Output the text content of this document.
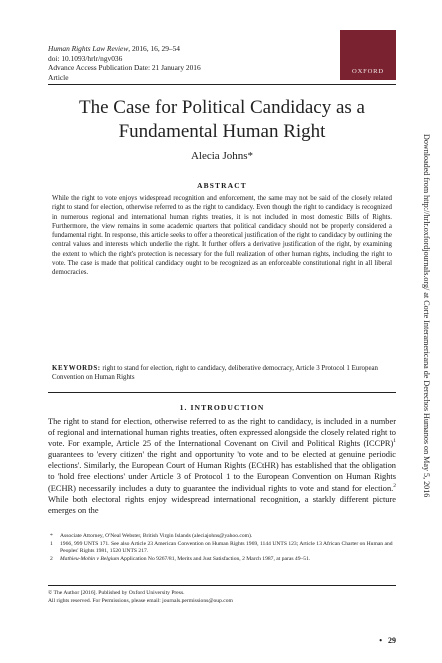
Human Rights Law Review, 2016, 16, 29–54
doi: 10.1093/hrlr/ngv036
Advance Access Publication Date: 21 January 2016
Article
OXFORD
The Case for Political Candidacy as a
Fundamental Human Right
Alecia Johns*
ABSTRACT
While the right to vote enjoys widespread recognition and enforcement, the same may not be said of the closely related right to stand for election, otherwise referred to as the right to candidacy. Even though the right to candidacy is recognized in numerous regional and international human rights treaties, it is not included in most domestic Bills of Rights. Furthermore, the view remains in some academic quarters that political candidacy should not be properly considered a fundamental right. In response, this article seeks to offer a theoretical justification of the right to candidacy by outlining the central values and interests which underlie the right. It further offers a derivative justification of the right, by examining the extent to which the right's protection is necessary for the full realization of other human rights, including the right to vote. The case is made that political candidacy ought to be recognized as an enforceable constitutional right in all liberal democracies.
KEYWORDS: right to stand for election, right to candidacy, deliberative democracy, Article 3 Protocol 1 European Convention on Human Rights
1. INTRODUCTION
The right to stand for election, otherwise referred to as the right to candidacy, is included in a number of regional and international human rights treaties, often expressed alongside the closely related right to vote. For example, Article 25 of the International Covenant on Civil and Political Rights (ICCPR)$^1$ guarantees to 'every citizen' the right and opportunity 'to vote and to be elected at genuine periodic elections'. Similarly, the European Court of Human Rights (ECtHR) has established that the obligation to 'hold free elections' under Article 3 of Protocol 1 to the European Convention on Human Rights (ECHR) necessarily includes a duty to guarantee the individual rights to vote and stand for election.$^2$ While both electoral rights enjoy widespread international recognition, a starkly different picture emerges on the
* Associate Attorney, O'Neal Webster, British Virgin Islands (aleciajohns@yahoo.com).
1 1966, 999 UNTS 171. See also Article 23 American Convention on Human Rights 1969, 1144 UNTS 123; Article 13 African Charter on Human and Peoples' Rights 1981, 1520 UNTS 217.
2 Mathieu-Mohin v Belgium Application No 9267/81, Merits and Just Satisfaction, 2 March 1987, at paras 49–51.
© The Author [2016]. Published by Oxford University Press.
All rights reserved. For Permissions, please email: journals.permissions@oup.com
• 29
Downloaded from http://hrlr.oxfordjournals.org/ at Corte Interamericana de Derechos Humanos on May 5, 2016
